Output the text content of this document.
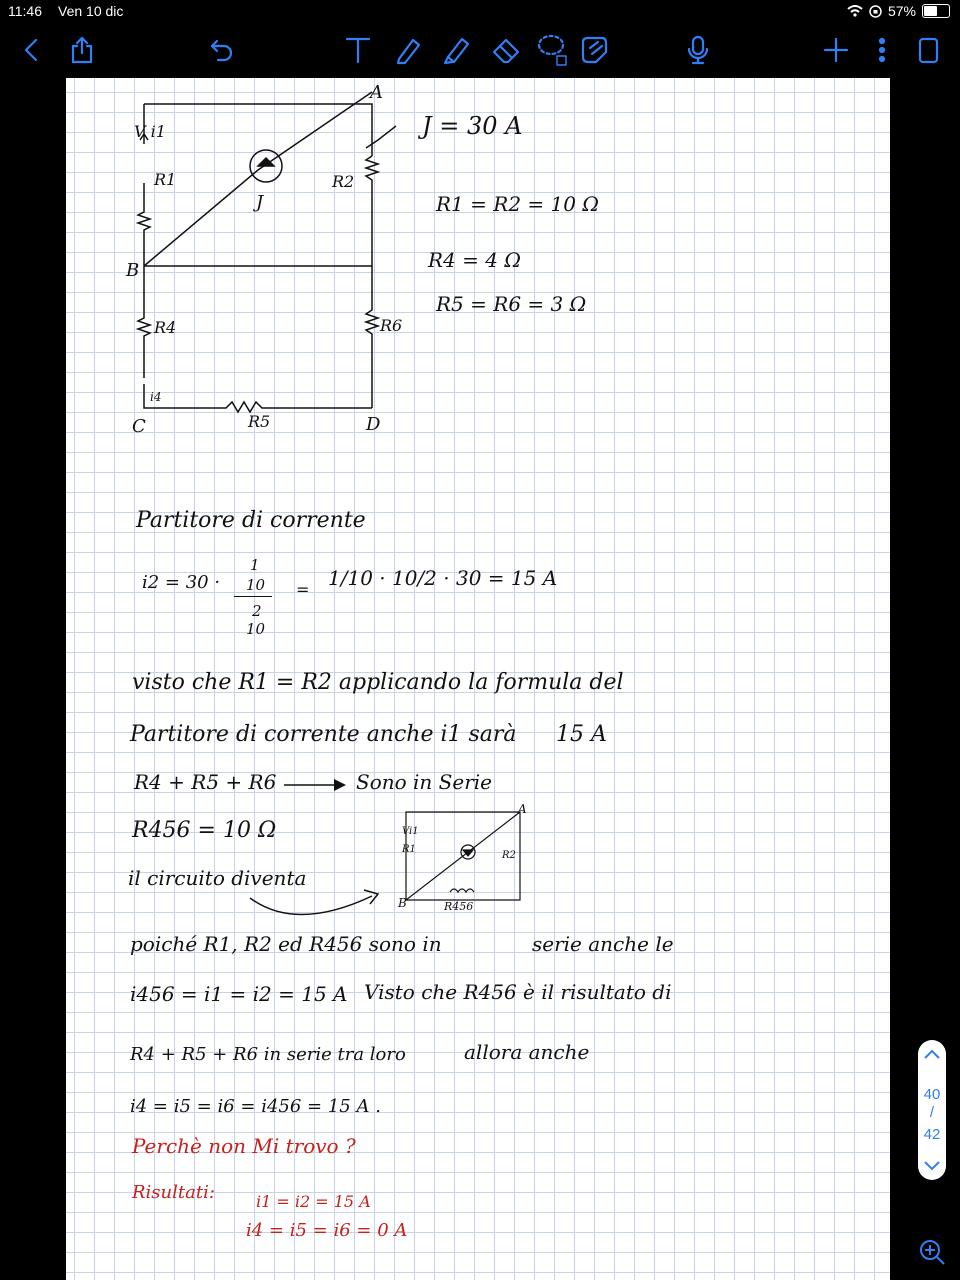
11:46 Ven 10 dic	57%
A
B
C	D
V i1
R1
J
R2
R4	R6
i4
R5
J = 30 A
R1 = R2 = 10 Ω
R4 = 4 Ω
R5 = R6 = 3 Ω
Partitore di corrente
i2 = 30 ·
1
10
2
10
= 1/10 · 10/2 · 30 = 15 A
visto che R1 = R2 applicando la formula del
Partitore di corrente anche i1 sarà 15 A
R4 + R5 + R6	Sono in Serie
R456 = 10 Ω
il circuito diventa
Vi1
R1
R2
A
B	R456
poiché R1, R2 ed R456 sono in	serie anche le
i456 = i1 = i2 = 15 A Visto che R456 è il risultato di
R4 + R5 + R6 in serie tra loro	allora anche
i4 = i5 = i6 = i456 = 15 A .
Perchè non Mi trovo ?
Risultati:	i1 = i2 = 15 A
i4 = i5 = i6 = 0 A
40
/
42
